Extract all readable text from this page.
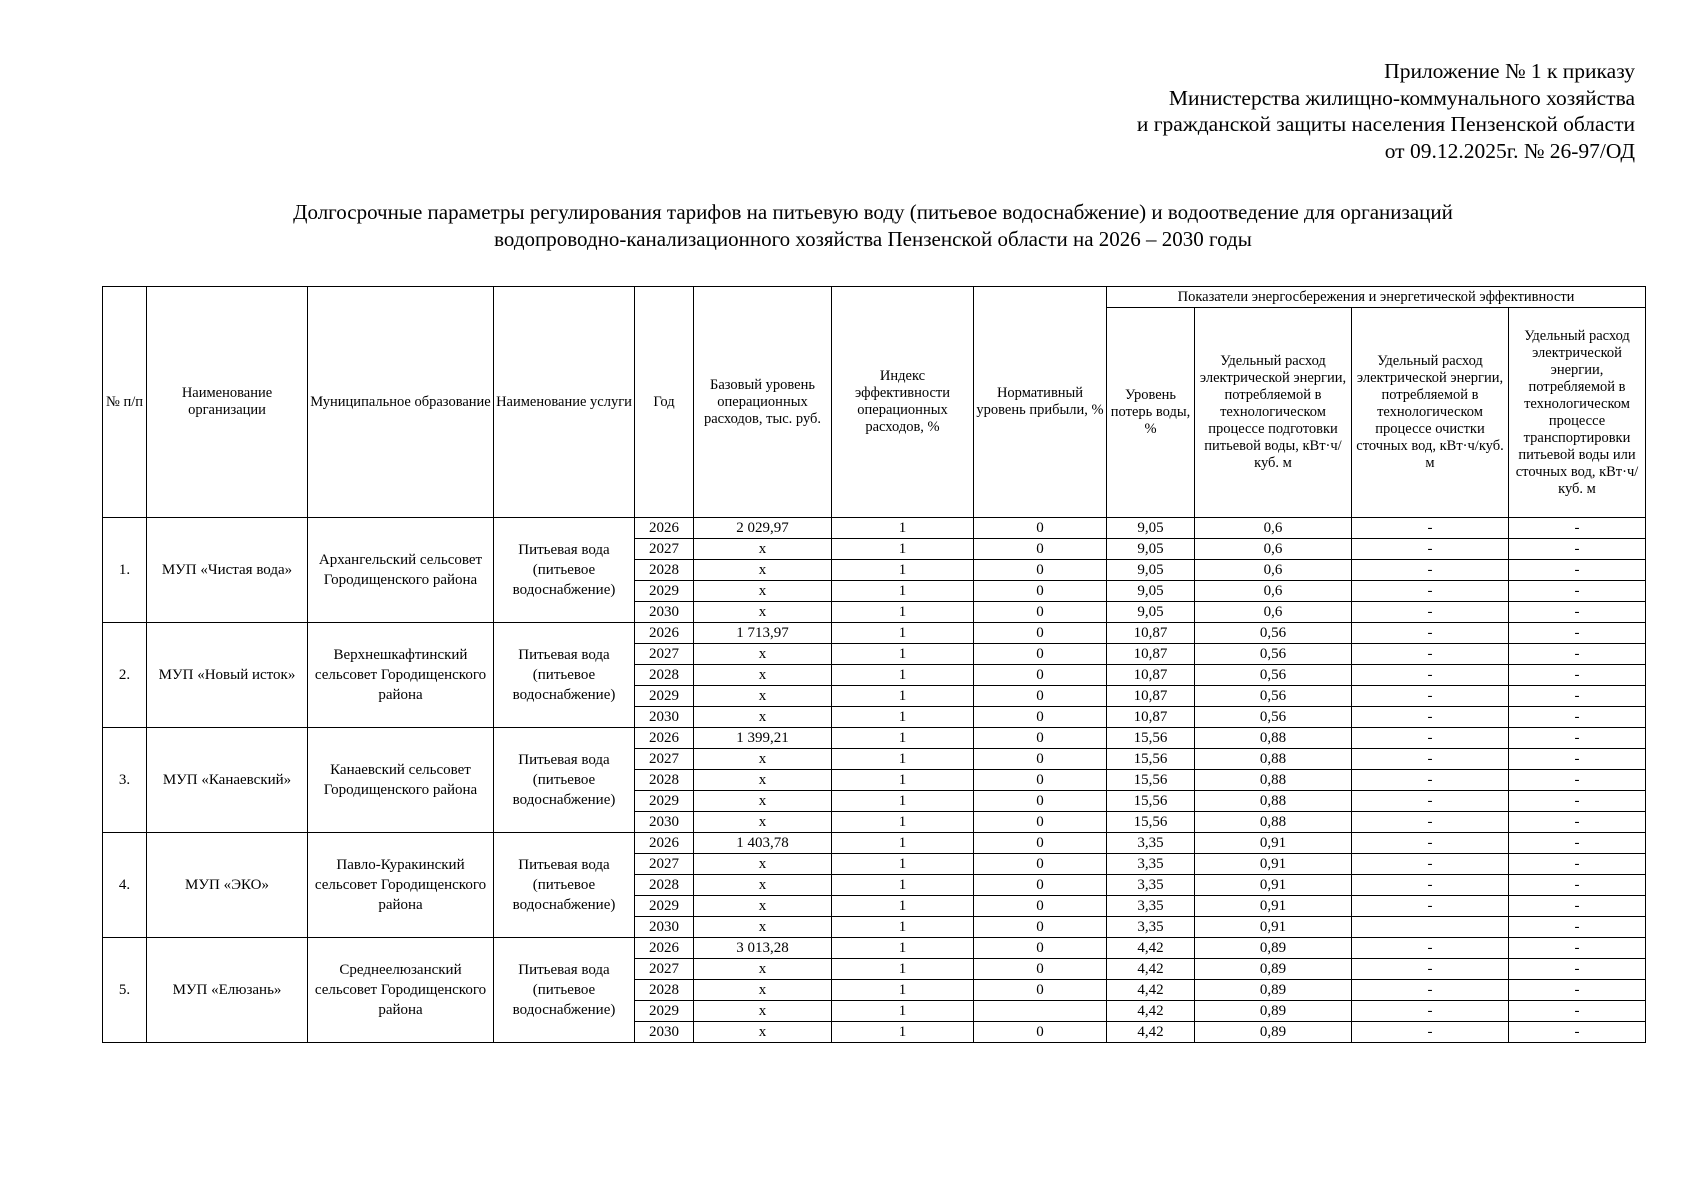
Приложение № 1 к приказу
Министерства жилищно-коммунального хозяйства
и гражданской защиты населения Пензенской области
от 09.12.2025г. № 26-97/ОД
Долгосрочные параметры регулирования тарифов на питьевую воду (питьевое водоснабжение) и водоотведение для организаций
водопроводно-канализационного хозяйства Пензенской области на 2026 – 2030 годы
№ п/п	Наименование организации	Муниципальное образование	Наименование услуги	Год	Базовый уровень операционных расходов, тыс. руб.	Индекс эффективности операционных расходов, %	Нормативный уровень прибыли, %	Показатели энергосбережения и энергетической эффективности			
								Уровень потерь воды, %	Удельный расход электрической энергии, потребляемой в технологическом процессе подготовки питьевой воды, кВт·ч/куб. м	Удельный расход электрической энергии, потребляемой в технологическом процессе очистки сточных вод, кВт·ч/куб. м	Удельный расход электрической энергии, потребляемой в технологическом процессе транспортировки питьевой воды или сточных вод, кВт·ч/куб. м
1.	МУП «Чистая вода»	Архангельский сельсовет Городищенского района	Питьевая вода (питьевое водоснабжение)	2026	2 029,97	1	0	9,05	0,6	-	-
				2027	х	1	0	9,05	0,6	-	-
				2028	х	1	0	9,05	0,6	-	-
				2029	х	1	0	9,05	0,6	-	-
				2030	х	1	0	9,05	0,6	-	-
2.	МУП «Новый исток»	Верхнешкафтинский сельсовет Городищенского района	Питьевая вода (питьевое водоснабжение)	2026	1 713,97	1	0	10,87	0,56	-	-
				2027	х	1	0	10,87	0,56	-	-
				2028	х	1	0	10,87	0,56	-	-
				2029	х	1	0	10,87	0,56	-	-
				2030	х	1	0	10,87	0,56	-	-
3.	МУП «Канаевский»	Канаевский сельсовет Городищенского района	Питьевая вода (питьевое водоснабжение)	2026	1 399,21	1	0	15,56	0,88	-	-
				2027	х	1	0	15,56	0,88	-	-
				2028	х	1	0	15,56	0,88	-	-
				2029	х	1	0	15,56	0,88	-	-
				2030	х	1	0	15,56	0,88	-	-
4.	МУП «ЭКО»	Павло-Куракинский сельсовет Городищенского района	Питьевая вода (питьевое водоснабжение)	2026	1 403,78	1	0	3,35	0,91	-	-
				2027	х	1	0	3,35	0,91	-	-
				2028	х	1	0	3,35	0,91	-	-
				2029	х	1	0	3,35	0,91	-	-
				2030	х	1	0	3,35	0,91		-
5.	МУП «Елюзань»	Среднеелюзанский сельсовет Городищенского района	Питьевая вода (питьевое водоснабжение)	2026	3 013,28	1	0	4,42	0,89	-	-
				2027	х	1	0	4,42	0,89	-	-
				2028	х	1	0	4,42	0,89	-	-
				2029	х	1		4,42	0,89	-	-
				2030	х	1	0	4,42	0,89	-	-
